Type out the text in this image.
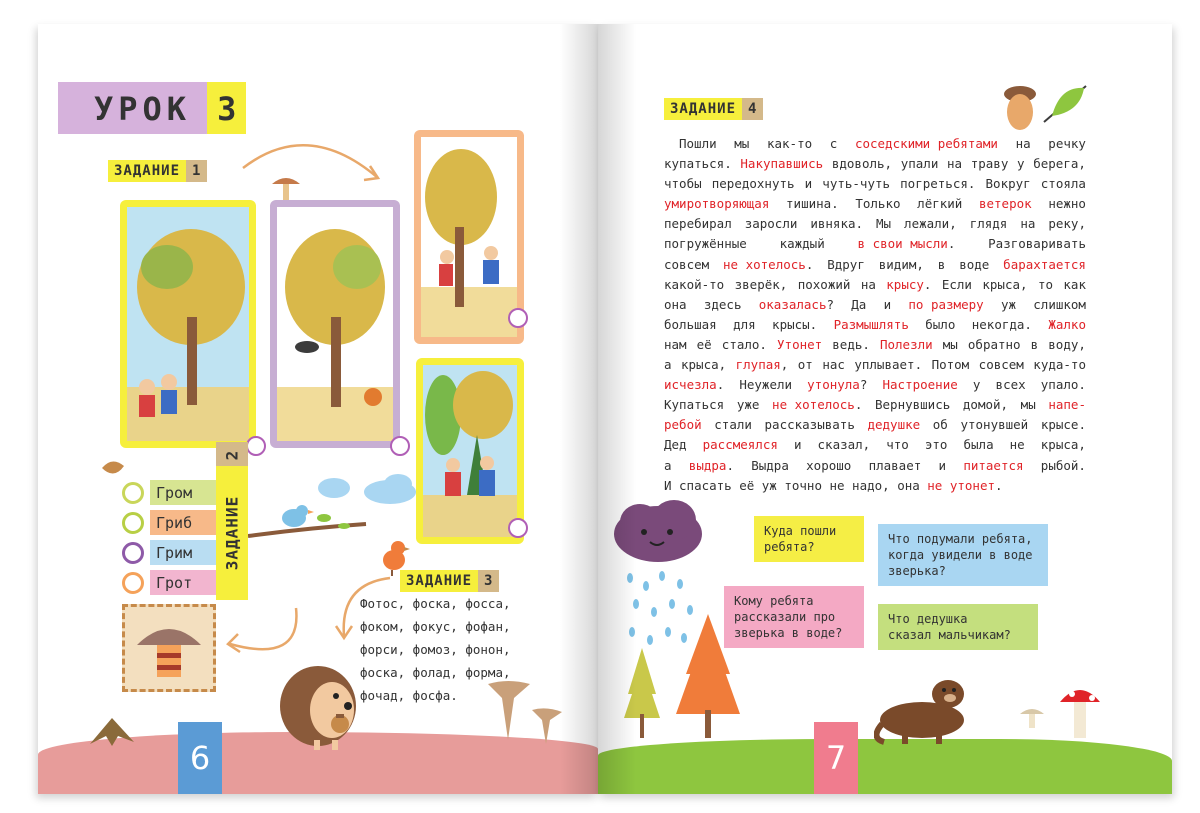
УРОК 3
ЗАДАНИЕ 1
Гром
Гриб
Грим
Грот
2
ЗАДАНИЕ
ЗАДАНИЕ 3
Фотос, фоска, фосса,
фоком, фокус, фофан,
форси, фомоз, фонон,
фоска, фолад, форма,
фочад, фосфа.
6
ЗАДАНИЕ 4
Пошли мы как-то с соседскими ребятами на речку
купаться. Накупавшись вдоволь, упали на траву у берега,
чтобы передохнуть и чуть-чуть погреться. Вокруг стояла
умиротворяющая тишина. Только лёгкий ветерок нежно
перебирал заросли ивняка. Мы лежали, глядя на реку,
погружённые	каждый	в свои мысли.	Разговаривать
совсем не хотелось. Вдруг видим, в воде барахтается
какой-то зверёк, похожий на крысу. Если крыса, то как
она здесь оказалась? Да и по размеру уж слишком
большая для крысы. Размышлять было некогда. Жалко
нам её стало. Утонет ведь. Полезли мы обратно в воду,
а крыса, глупая, от нас уплывает. Потом совсем куда-то
исчезла. Неужели утонула? Настроение у всех упало.
Купаться уже не хотелось. Вернувшись домой, мы напе-
ребой стали рассказывать дедушке об утонувшей крысе.
Дед рассмеялся и сказал, что это была не крыса,
а выдра. Выдра хорошо плавает и питается рыбой.
И спасать её уж точно не надо, она не утонет.
Куда пошли
ребята?
Что подумали ребята,
когда увидели в воде
зверька?
Кому ребята
рассказали про
зверька в воде?
Что дедушка
сказал мальчикам?
7
